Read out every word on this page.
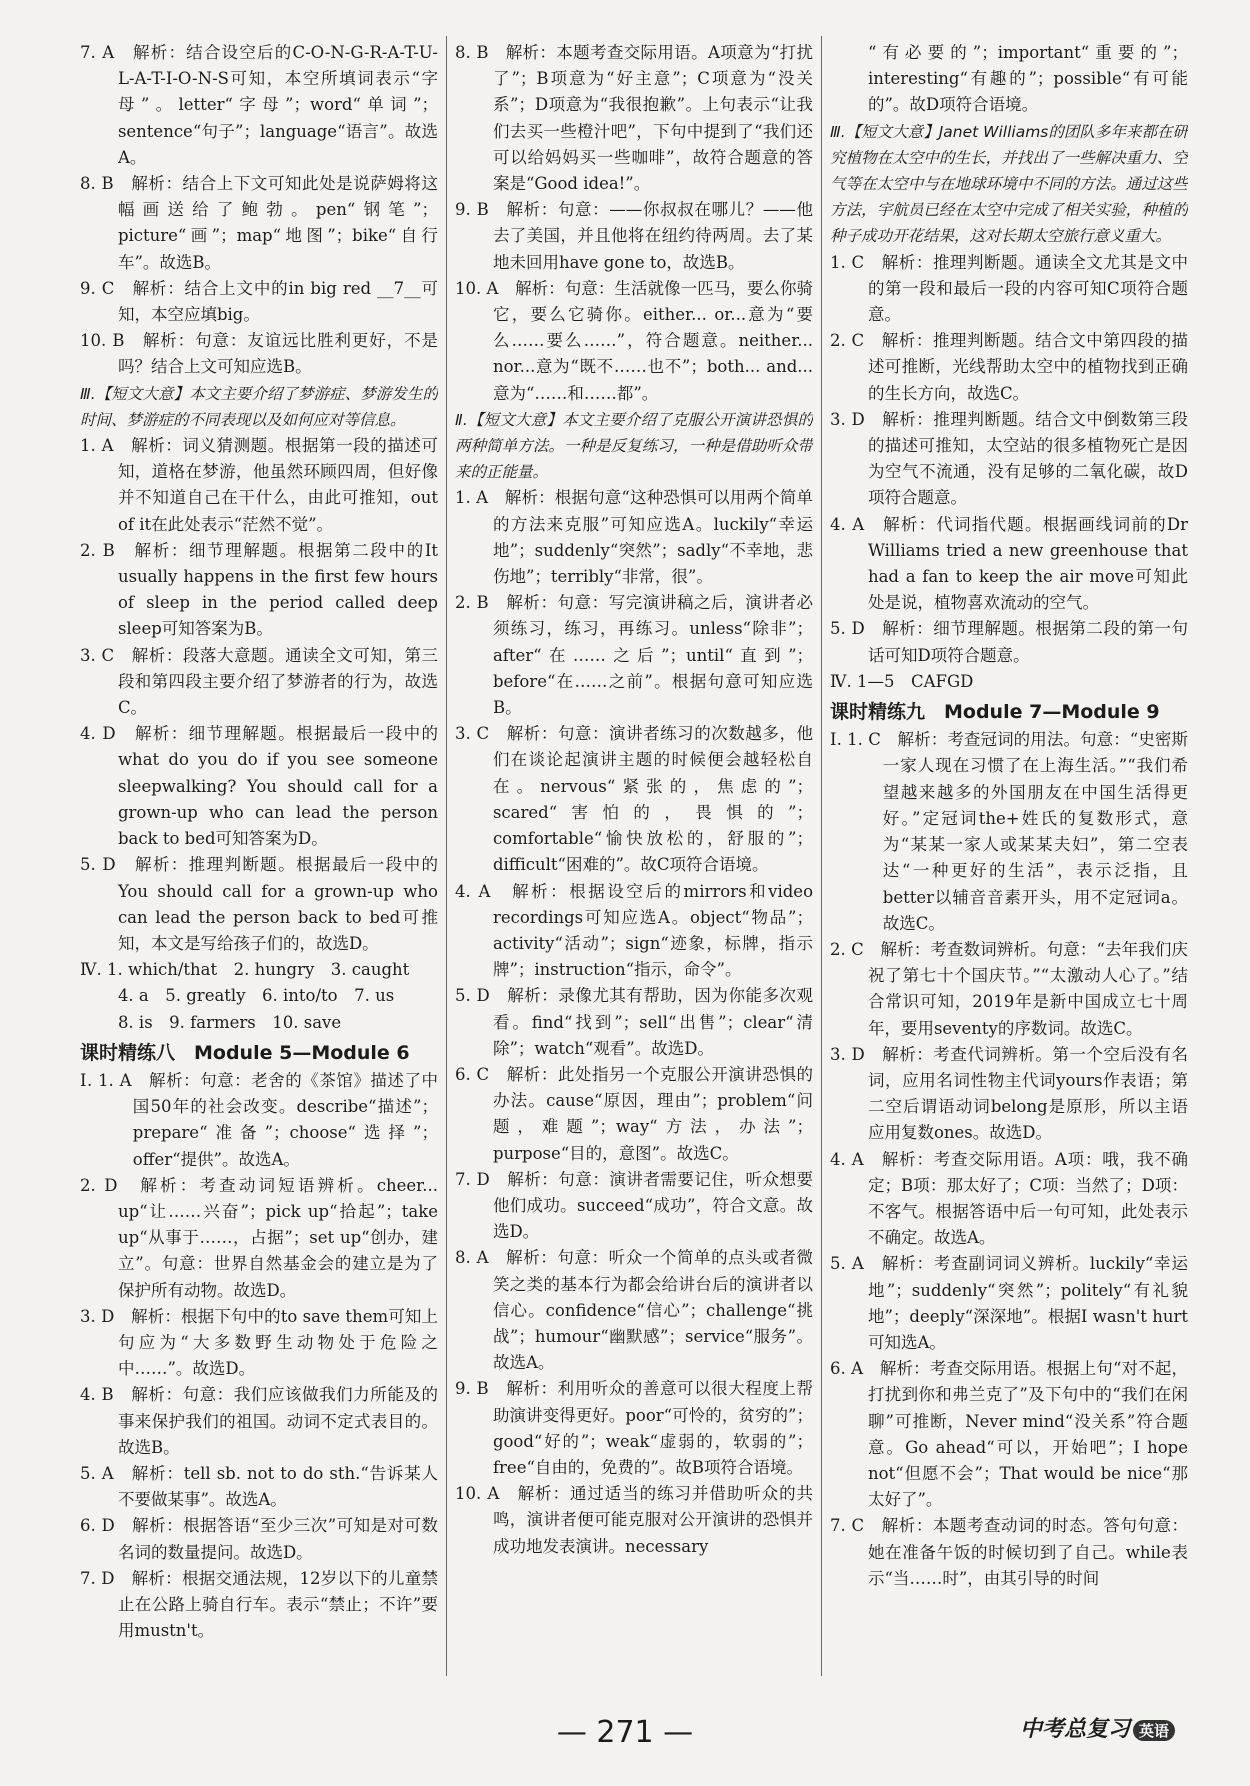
7. A　解析：结合设空后的C-O-N-G-R-A-T-U-L-A-T-I-O-N-S可知，本空所填词表示“字母”。letter“字母”；word“单词”；sentence“句子”；language“语言”。故选A。

8. B　解析：结合上下文可知此处是说萨姆将这幅画送给了鲍勃。pen“钢笔”；picture“画”；map“地图”；bike“自行车”。故选B。

9. C　解析：结合上文中的in big red __7__可知，本空应填big。

10. B　解析：句意：友谊远比胜利更好，不是吗？结合上文可知应选B。

Ⅲ.【短文大意】本文主要介绍了梦游症、梦游发生的时间、梦游症的不同表现以及如何应对等信息。

1. A　解析：词义猜测题。根据第一段的描述可知，道格在梦游，他虽然环顾四周，但好像并不知道自己在干什么，由此可推知，out of it在此处表示“茫然不觉”。

2. B　解析：细节理解题。根据第二段中的It usually happens in the first few hours of sleep in the period called deep sleep可知答案为B。

3. C　解析：段落大意题。通读全文可知，第三段和第四段主要介绍了梦游者的行为，故选C。

4. D　解析：细节理解题。根据最后一段中的what do you do if you see someone sleepwalking? You should call for a grown-up who can lead the person back to bed可知答案为D。

5. D　解析：推理判断题。根据最后一段中的You should call for a grown-up who can lead the person back to bed可推知，本文是写给孩子们的，故选D。

Ⅳ. 1. which/that　2. hungry　3. caught

4. a　5. greatly　6. into/to　7. us

8. is　9. farmers　10. save

课时精练八　Module 5—Module 6

Ⅰ. 1. A　解析：句意：老舍的《茶馆》描述了中国50年的社会改变。describe“描述”；prepare“准备”；choose“选择”；offer“提供”。故选A。

2. D　解析：考查动词短语辨析。cheer... up“让……兴奋”；pick up“拾起”；take up“从事于……，占据”；set up“创办，建立”。句意：世界自然基金会的建立是为了保护所有动物。故选D。

3. D　解析：根据下句中的to save them可知上句应为“大多数野生动物处于危险之中……”。故选D。

4. B　解析：句意：我们应该做我们力所能及的事来保护我们的祖国。动词不定式表目的。故选B。

5. A　解析：tell sb. not to do sth.“告诉某人不要做某事”。故选A。

6. D　解析：根据答语“至少三次”可知是对可数名词的数量提问。故选D。

7. D　解析：根据交通法规，12岁以下的儿童禁止在公路上骑自行车。表示“禁止；不许”要用mustn't。

8. B　解析：本题考查交际用语。A项意为“打扰了”；B项意为“好主意”；C项意为“没关系”；D项意为“我很抱歉”。上句表示“让我们去买一些橙汁吧”，下句中提到了“我们还可以给妈妈买一些咖啡”，故符合题意的答案是“Good idea!”。

9. B　解析：句意：——你叔叔在哪儿？——他去了美国，并且他将在纽约待两周。去了某地未回用have gone to，故选B。

10. A　解析：句意：生活就像一匹马，要么你骑它，要么它骑你。either... or...意为“要么……要么……”，符合题意。neither... nor...意为“既不……也不”；both... and...意为“……和……都”。

Ⅱ.【短文大意】本文主要介绍了克服公开演讲恐惧的两种简单方法。一种是反复练习，一种是借助听众带来的正能量。

1. A　解析：根据句意“这种恐惧可以用两个简单的方法来克服”可知应选A。luckily“幸运地”；suddenly“突然”；sadly“不幸地，悲伤地”；terribly“非常，很”。

2. B　解析：句意：写完演讲稿之后，演讲者必须练习，练习，再练习。unless“除非”；after“在……之后”；until“直到”；before“在……之前”。根据句意可知应选B。

3. C　解析：句意：演讲者练习的次数越多，他们在谈论起演讲主题的时候便会越轻松自在。nervous“紧张的，焦虑的”；scared“害怕的，畏惧的”；comfortable“愉快放松的，舒服的”；difficult“困难的”。故C项符合语境。

4. A　解析：根据设空后的mirrors和video recordings可知应选A。object“物品”；activity“活动”；sign“迹象，标牌，指示牌”；instruction“指示，命令”。

5. D　解析：录像尤其有帮助，因为你能多次观看。find“找到”；sell“出售”；clear“清除”；watch“观看”。故选D。

6. C　解析：此处指另一个克服公开演讲恐惧的办法。cause“原因，理由”；problem“问题，难题”；way“方法，办法”；purpose“目的，意图”。故选C。

7. D　解析：句意：演讲者需要记住，听众想要他们成功。succeed“成功”，符合文意。故选D。

8. A　解析：句意：听众一个简单的点头或者微笑之类的基本行为都会给讲台后的演讲者以信心。confidence“信心”；challenge“挑战”；humour“幽默感”；service“服务”。故选A。

9. B　解析：利用听众的善意可以很大程度上帮助演讲变得更好。poor“可怜的，贫穷的”；good“好的”；weak“虚弱的，软弱的”；free“自由的，免费的”。故B项符合语境。

10. A　解析：通过适当的练习并借助听众的共鸣，演讲者便可能克服对公开演讲的恐惧并成功地发表演讲。necessary

“有必要的”；important“重要的”；interesting“有趣的”；possible“有可能的”。故D项符合语境。

Ⅲ.【短文大意】Janet Williams的团队多年来都在研究植物在太空中的生长，并找出了一些解决重力、空气等在太空中与在地球环境中不同的方法。通过这些方法，宇航员已经在太空中完成了相关实验，种植的种子成功开花结果，这对长期太空旅行意义重大。

1. C　解析：推理判断题。通读全文尤其是文中的第一段和最后一段的内容可知C项符合题意。

2. C　解析：推理判断题。结合文中第四段的描述可推断，光线帮助太空中的植物找到正确的生长方向，故选C。

3. D　解析：推理判断题。结合文中倒数第三段的描述可推知，太空站的很多植物死亡是因为空气不流通，没有足够的二氧化碳，故D项符合题意。

4. A　解析：代词指代题。根据画线词前的Dr Williams tried a new greenhouse that had a fan to keep the air move可知此处是说，植物喜欢流动的空气。

5. D　解析：细节理解题。根据第二段的第一句话可知D项符合题意。

Ⅳ. 1—5　CAFGD

课时精练九　Module 7—Module 9

Ⅰ. 1. C　解析：考查冠词的用法。句意：“史密斯一家人现在习惯了在上海生活。”“我们希望越来越多的外国朋友在中国生活得更好。”定冠词the+姓氏的复数形式，意为“某某一家人或某某夫妇”，第二空表达“一种更好的生活”，表示泛指，且better以辅音音素开头，用不定冠词a。故选C。

2. C　解析：考查数词辨析。句意：“去年我们庆祝了第七十个国庆节。”“太激动人心了。”结合常识可知，2019年是新中国成立七十周年，要用seventy的序数词。故选C。

3. D　解析：考查代词辨析。第一个空后没有名词，应用名词性物主代词yours作表语；第二空后谓语动词belong是原形，所以主语应用复数ones。故选D。

4. A　解析：考查交际用语。A项：哦，我不确定；B项：那太好了；C项：当然了；D项：不客气。根据答语中后一句可知，此处表示不确定。故选A。

5. A　解析：考查副词词义辨析。luckily“幸运地”；suddenly“突然”；politely“有礼貌地”；deeply“深深地”。根据I wasn't hurt可知选A。

6. A　解析：考查交际用语。根据上句“对不起，打扰到你和弗兰克了”及下句中的“我们在闲聊”可推断，Never mind“没关系”符合题意。Go ahead“可以，开始吧”；I hope not“但愿不会”；That would be nice“那太好了”。

7. C　解析：本题考查动词的时态。答句句意：她在准备午饭的时候切到了自己。while表示“当……时”，由其引导的时间

— 271 —	中考总复习 英语
